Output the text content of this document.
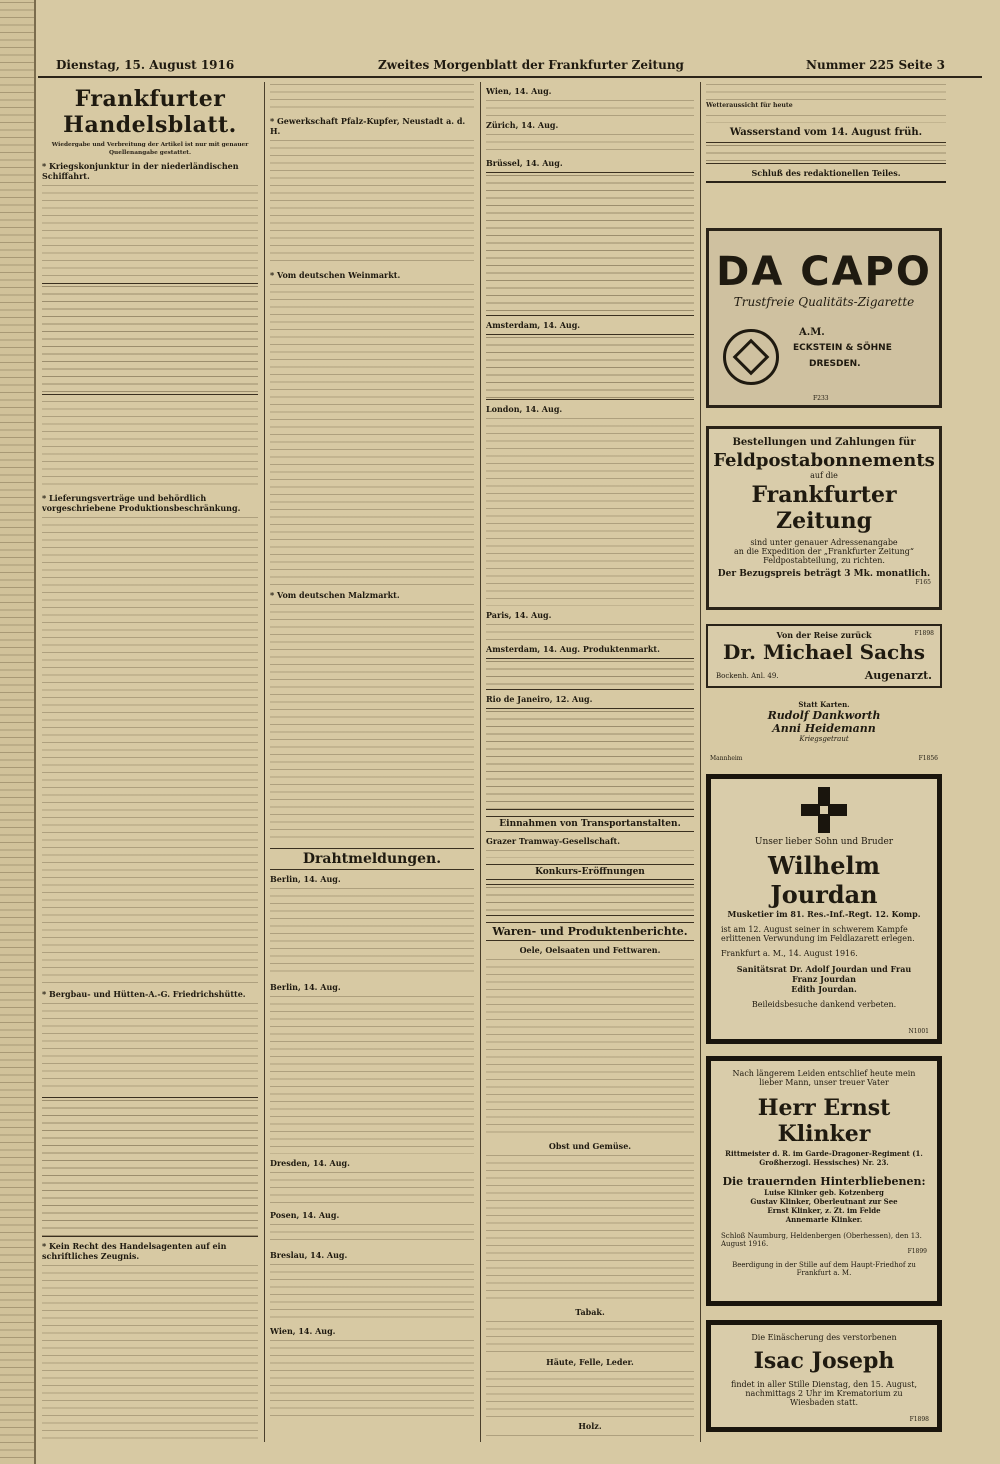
Dienstag, 15. August 1916	Zweites Morgenblatt der Frankfurter Zeitung	Nummer 225 Seite 3
Frankfurter Handelsblatt.
Wiedergabe und Verbreitung der Artikel ist nur mit genauer Quellenangabe gestattet.
* Kriegskonjunktur in der niederländischen Schiffahrt.
* Lieferungsverträge und behördlich vorgeschriebene Produktionsbeschränkung.
* Bergbau- und Hütten-A.-G. Friedrichshütte.
* Kein Recht des Handelsagenten auf ein schriftliches Zeugnis.
* Gewerkschaft Pfalz-Kupfer, Neustadt a. d. H.
* Vom deutschen Weinmarkt.
* Vom deutschen Malzmarkt.
Drahtmeldungen.
Berlin, 14. Aug.
Berlin, 14. Aug.
Dresden, 14. Aug.
Posen, 14. Aug.
Breslau, 14. Aug.
Wien, 14. Aug.
Wien, 14. Aug.
Zürich, 14. Aug.
Brüssel, 14. Aug.
Amsterdam, 14. Aug.
London, 14. Aug.
Paris, 14. Aug.
Amsterdam, 14. Aug. Produktenmarkt.
Rio de Janeiro, 12. Aug.
Einnahmen von Transportanstalten.
Grazer Tramway-Gesellschaft.
Konkurs-Eröffnungen
Waren- und Produktenberichte.
Oele, Oelsaaten und Fettwaren.
Obst und Gemüse.
Tabak.
Häute, Felle, Leder.
Holz.
Wetteraussicht für heute
Wasserstand vom 14. August früh.
Schluß des redaktionellen Teiles.

DA CAPO

Trustfreie Qualitäts-Zigarette

A.M.

ECKSTEIN & SÖHNE

DRESDEN.

F233

Bestellungen und Zahlungen für

Feldpostabonnements

auf die

Frankfurter Zeitung

sind unter genauer Adressenangabe

an die Expedition der „Frankfurter Zeitung“

Feldpostabteilung, zu richten.

Der Bezugspreis beträgt 3 Mk. monatlich.

F165

Von der Reise zurück	F1898

Dr. Michael Sachs

Bockenh. Anl. 49.	Augenarzt.

Statt Karten.

Rudolf Dankworth

Anni Heidemann

Kriegsgetraut

Mannheim	F1856

Unser lieber Sohn und Bruder

Wilhelm Jourdan

Musketier im 81. Res.-Inf.-Regt. 12. Komp.

ist am 12. August seiner in schwerem Kampfe erlittenen Verwundung im Feldlazarett erlegen.

Frankfurt a. M., 14. August 1916.

Sanitätsrat Dr. Adolf Jourdan und Frau

Franz Jourdan

Edith Jourdan.

Beileidsbesuche dankend verbeten.

N1001

Nach längerem Leiden entschlief heute mein lieber Mann, unser treuer Vater

Herr Ernst Klinker

Rittmeister d. R. im Garde-Dragoner-Regiment (1. Großherzogl. Hessisches) Nr. 23.

Die trauernden Hinterbliebenen:

Luise Klinker geb. Kotzenberg

Gustav Klinker, Oberleutnant zur See

Ernst Klinker, z. Zt. im Felde

Annemarie Klinker.

Schloß Naumburg, Heldenbergen (Oberhessen), den 13. August 1916.

F1899

Beerdigung in der Stille auf dem Haupt-Friedhof zu Frankfurt a. M.

Die Einäscherung des verstorbenen

Isac Joseph

findet in aller Stille Dienstag, den 15. August, nachmittags 2 Uhr im Krematorium zu Wiesbaden statt.

F1898
